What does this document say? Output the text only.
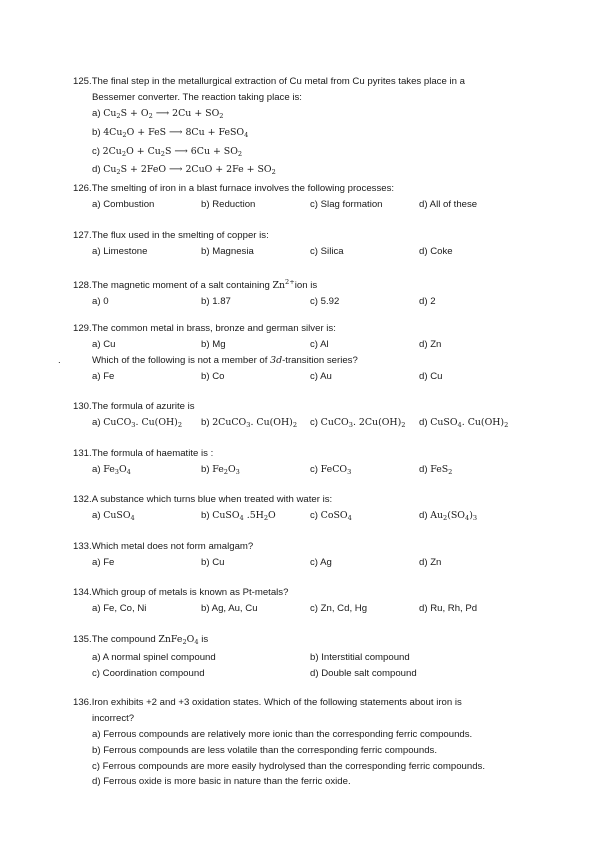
125.The final step in the metallurgical extraction of Cu metal from Cu pyrites takes place in a
Bessemer converter. The reaction taking place is:
a) $Cu_2S + O_2$ ⟶ $2Cu + SO_2$
b) $4Cu_2O$ + FeS ⟶ 8Cu + FeSO$_4$
c) $2Cu_2O + Cu_2S$ ⟶ $6Cu + SO_2$
d) $Cu_2S + 2FeO$ ⟶ $2CuO + 2Fe + SO_2$
126.The smelting of iron in a blast furnace involves the following processes:
a) Combustion	b) Reduction	c) Slag formation	d) All of these
127.The flux used in the smelting of copper is:
a) Limestone	b) Magnesia	c) Silica	d) Coke
128.The magnetic moment of a salt containing $Zn^{2+}ion$ is
a) 0	b) 1.87	c) 5.92	d) 2
129.The common metal in brass, bronze and german silver is:
a) Cu	b) Mg	c) Al	d) Zn
.	Which of the following is not a member of 3d-transition series?
a) Fe	b) Co	c) Au	d) Cu
130.The formula of azurite is
a) CuCO$_3$. $Cu(OH)_2$	b) 2CuCO$_3$. $Cu(OH)_2$	c) CuCO$_3$. $2Cu(OH)_2$	d) CuSO$_4$. $Cu(OH)_2$
131.The formula of haematite is :
a) $Fe_3O_4$	b) $Fe_2O_3$	c) FeCO$_3$	d) FeS$_2$
132.A substance which turns blue when treated with water is:
a) CuSO$_4$	b) CuSO$_4$ $.5H_2O$	c) CoSO$_4$	d) $Au_2(SO_4)_3$
133.Which metal does not form amalgam?
a) Fe	b) Cu	c) Ag	d) Zn
134.Which group of metals is known as Pt-metals?
a) Fe, Co, Ni	b) Ag, Au, Cu	c) Zn, Cd, Hg	d) Ru, Rh, Pd
135.The compound $ZnFe_2O_4$ is
a) A normal spinel compound	b) Interstitial compound
c) Coordination compound	d) Double salt compound
136.Iron exhibits +2 and +3 oxidation states. Which of the following statements about iron is
incorrect?
a) Ferrous compounds are relatively more ionic than the corresponding ferric compounds.
b) Ferrous compounds are less volatile than the corresponding ferric compounds.
c) Ferrous compounds are more easily hydrolysed than the corresponding ferric compounds.
d) Ferrous oxide is more basic in nature than the ferric oxide.
